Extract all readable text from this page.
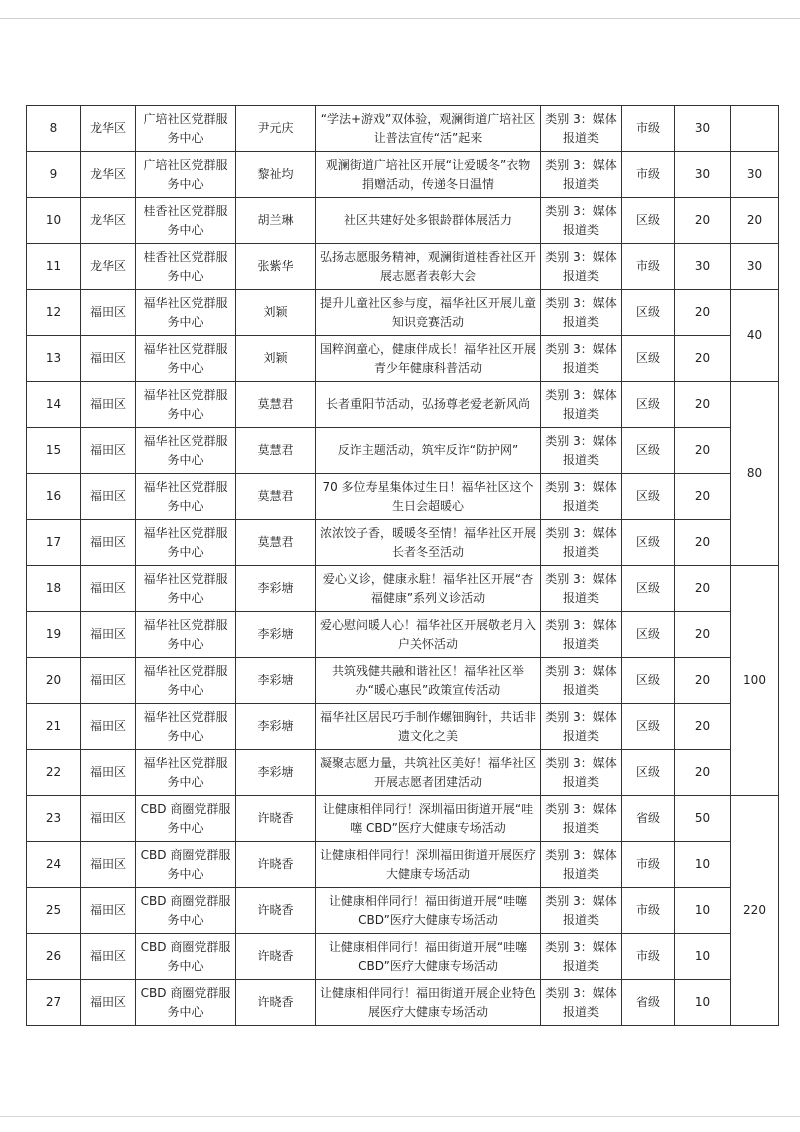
8	龙华区	广培社区党群服务中心	尹元庆	“学法+游戏”双体验，观澜街道广培社区让普法宣传“活”起来	类别 3：媒体报道类	市级	30	
9	龙华区	广培社区党群服务中心	黎祉均	观澜街道广培社区开展“让爱暖冬”衣物捐赠活动，传递冬日温情	类别 3：媒体报道类	市级	30	30
10	龙华区	桂香社区党群服务中心	胡兰琳	社区共建好处多银龄群体展活力	类别 3：媒体报道类	区级	20	20
11	龙华区	桂香社区党群服务中心	张紫华	弘扬志愿服务精神，观澜街道桂香社区开展志愿者表彰大会	类别 3：媒体报道类	市级	30	30
12	福田区	福华社区党群服务中心	刘颖	提升儿童社区参与度，福华社区开展儿童知识竞赛活动	类别 3：媒体报道类	区级	20	40
13	福田区	福华社区党群服务中心	刘颖	国粹润童心，健康伴成长！福华社区开展青少年健康科普活动	类别 3：媒体报道类	区级	20	
14	福田区	福华社区党群服务中心	莫慧君	长者重阳节活动，弘扬尊老爱老新风尚	类别 3：媒体报道类	区级	20	80
15	福田区	福华社区党群服务中心	莫慧君	反诈主题活动，筑牢反诈“防护网”	类别 3：媒体报道类	区级	20	
16	福田区	福华社区党群服务中心	莫慧君	70 多位寿星集体过生日！福华社区这个生日会超暖心	类别 3：媒体报道类	区级	20	
17	福田区	福华社区党群服务中心	莫慧君	浓浓饺子香，暖暖冬至情！福华社区开展长者冬至活动	类别 3：媒体报道类	区级	20	
18	福田区	福华社区党群服务中心	李彩塘	爱心义诊，健康永駐！福华社区开展“杏福健康”系列义诊活动	类别 3：媒体报道类	区级	20	100
19	福田区	福华社区党群服务中心	李彩塘	爱心慰问暖人心！福华社区开展敬老月入户关怀活动	类别 3：媒体报道类	区级	20	
20	福田区	福华社区党群服务中心	李彩塘	共筑残健共融和谐社区！福华社区举办“暖心惠民”政策宣传活动	类别 3：媒体报道类	区级	20	
21	福田区	福华社区党群服务中心	李彩塘	福华社区居民巧手制作螺钿胸针，共话非遗文化之美	类别 3：媒体报道类	区级	20	
22	福田区	福华社区党群服务中心	李彩塘	凝聚志愿力量，共筑社区美好！福华社区开展志愿者团建活动	类别 3：媒体报道类	区级	20	
23	福田区	CBD 商圈党群服务中心	许晓香	让健康相伴同行！深圳福田街道开展“哇噻 CBD”医疗大健康专场活动	类别 3：媒体报道类	省级	50	220
24	福田区	CBD 商圈党群服务中心	许晓香	让健康相伴同行！深圳福田街道开展医疗大健康专场活动	类别 3：媒体报道类	市级	10	
25	福田区	CBD 商圈党群服务中心	许晓香	让健康相伴同行！福田街道开展“哇噻 CBD”医疗大健康专场活动	类别 3：媒体报道类	市级	10	
26	福田区	CBD 商圈党群服务中心	许晓香	让健康相伴同行！福田街道开展“哇噻 CBD”医疗大健康专场活动	类别 3：媒体报道类	市级	10	
27	福田区	CBD 商圈党群服务中心	许晓香	让健康相伴同行！福田街道开展企业特色展医疗大健康专场活动	类别 3：媒体报道类	省级	10	
